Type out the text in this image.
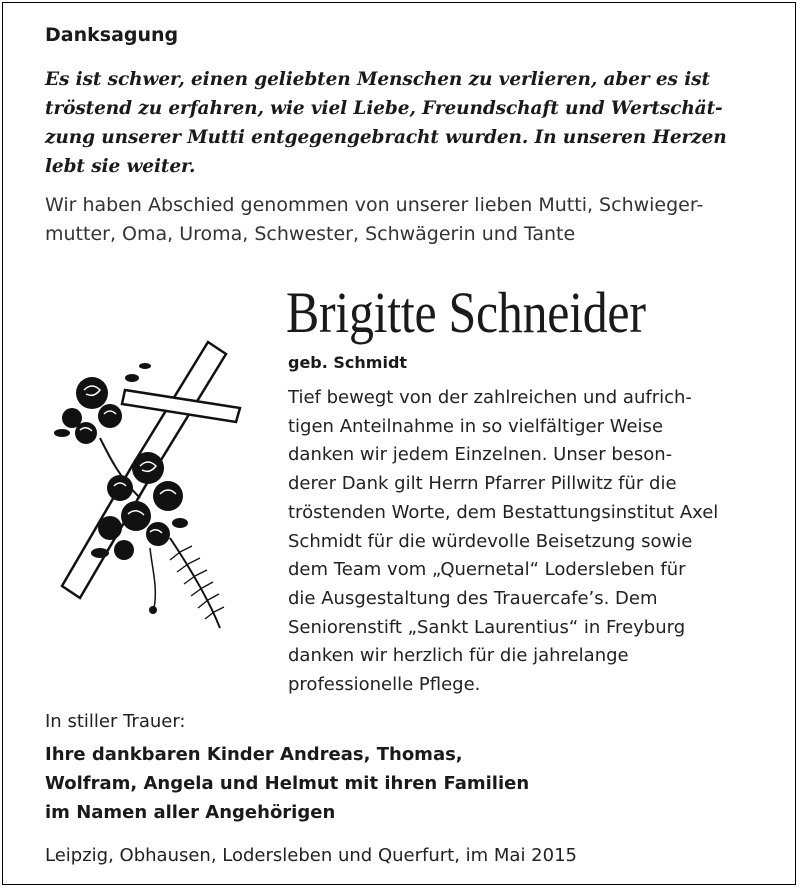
Danksagung
Es ist schwer, einen geliebten Menschen zu verlieren, aber es ist
tröstend zu erfahren, wie viel Liebe, Freundschaft und Wertschät-
zung unserer Mutti entgegengebracht wurden. In unseren Herzen
lebt sie weiter.
Wir haben Abschied genommen von unserer lieben Mutti, Schwieger-
mutter, Oma, Uroma, Schwester, Schwägerin und Tante
Brigitte Schneider
geb. Schmidt
Tief bewegt von der zahlreichen und aufrich-
tigen Anteilnahme in so vielfältiger Weise
danken wir jedem Einzelnen. Unser beson-
derer Dank gilt Herrn Pfarrer Pillwitz für die
tröstenden Worte, dem Bestattungsinstitut Axel
Schmidt für die würdevolle Beisetzung sowie
dem Team vom „Quernetal“ Lodersleben für
die Ausgestaltung des Trauercafe’s. Dem
Seniorenstift „Sankt Laurentius“ in Freyburg
danken wir herzlich für die jahrelange
professionelle Pflege.
In stiller Trauer:
Ihre dankbaren Kinder Andreas, Thomas,
Wolfram, Angela und Helmut mit ihren Familien
im Namen aller Angehörigen
Leipzig, Obhausen, Lodersleben und Querfurt, im Mai 2015
